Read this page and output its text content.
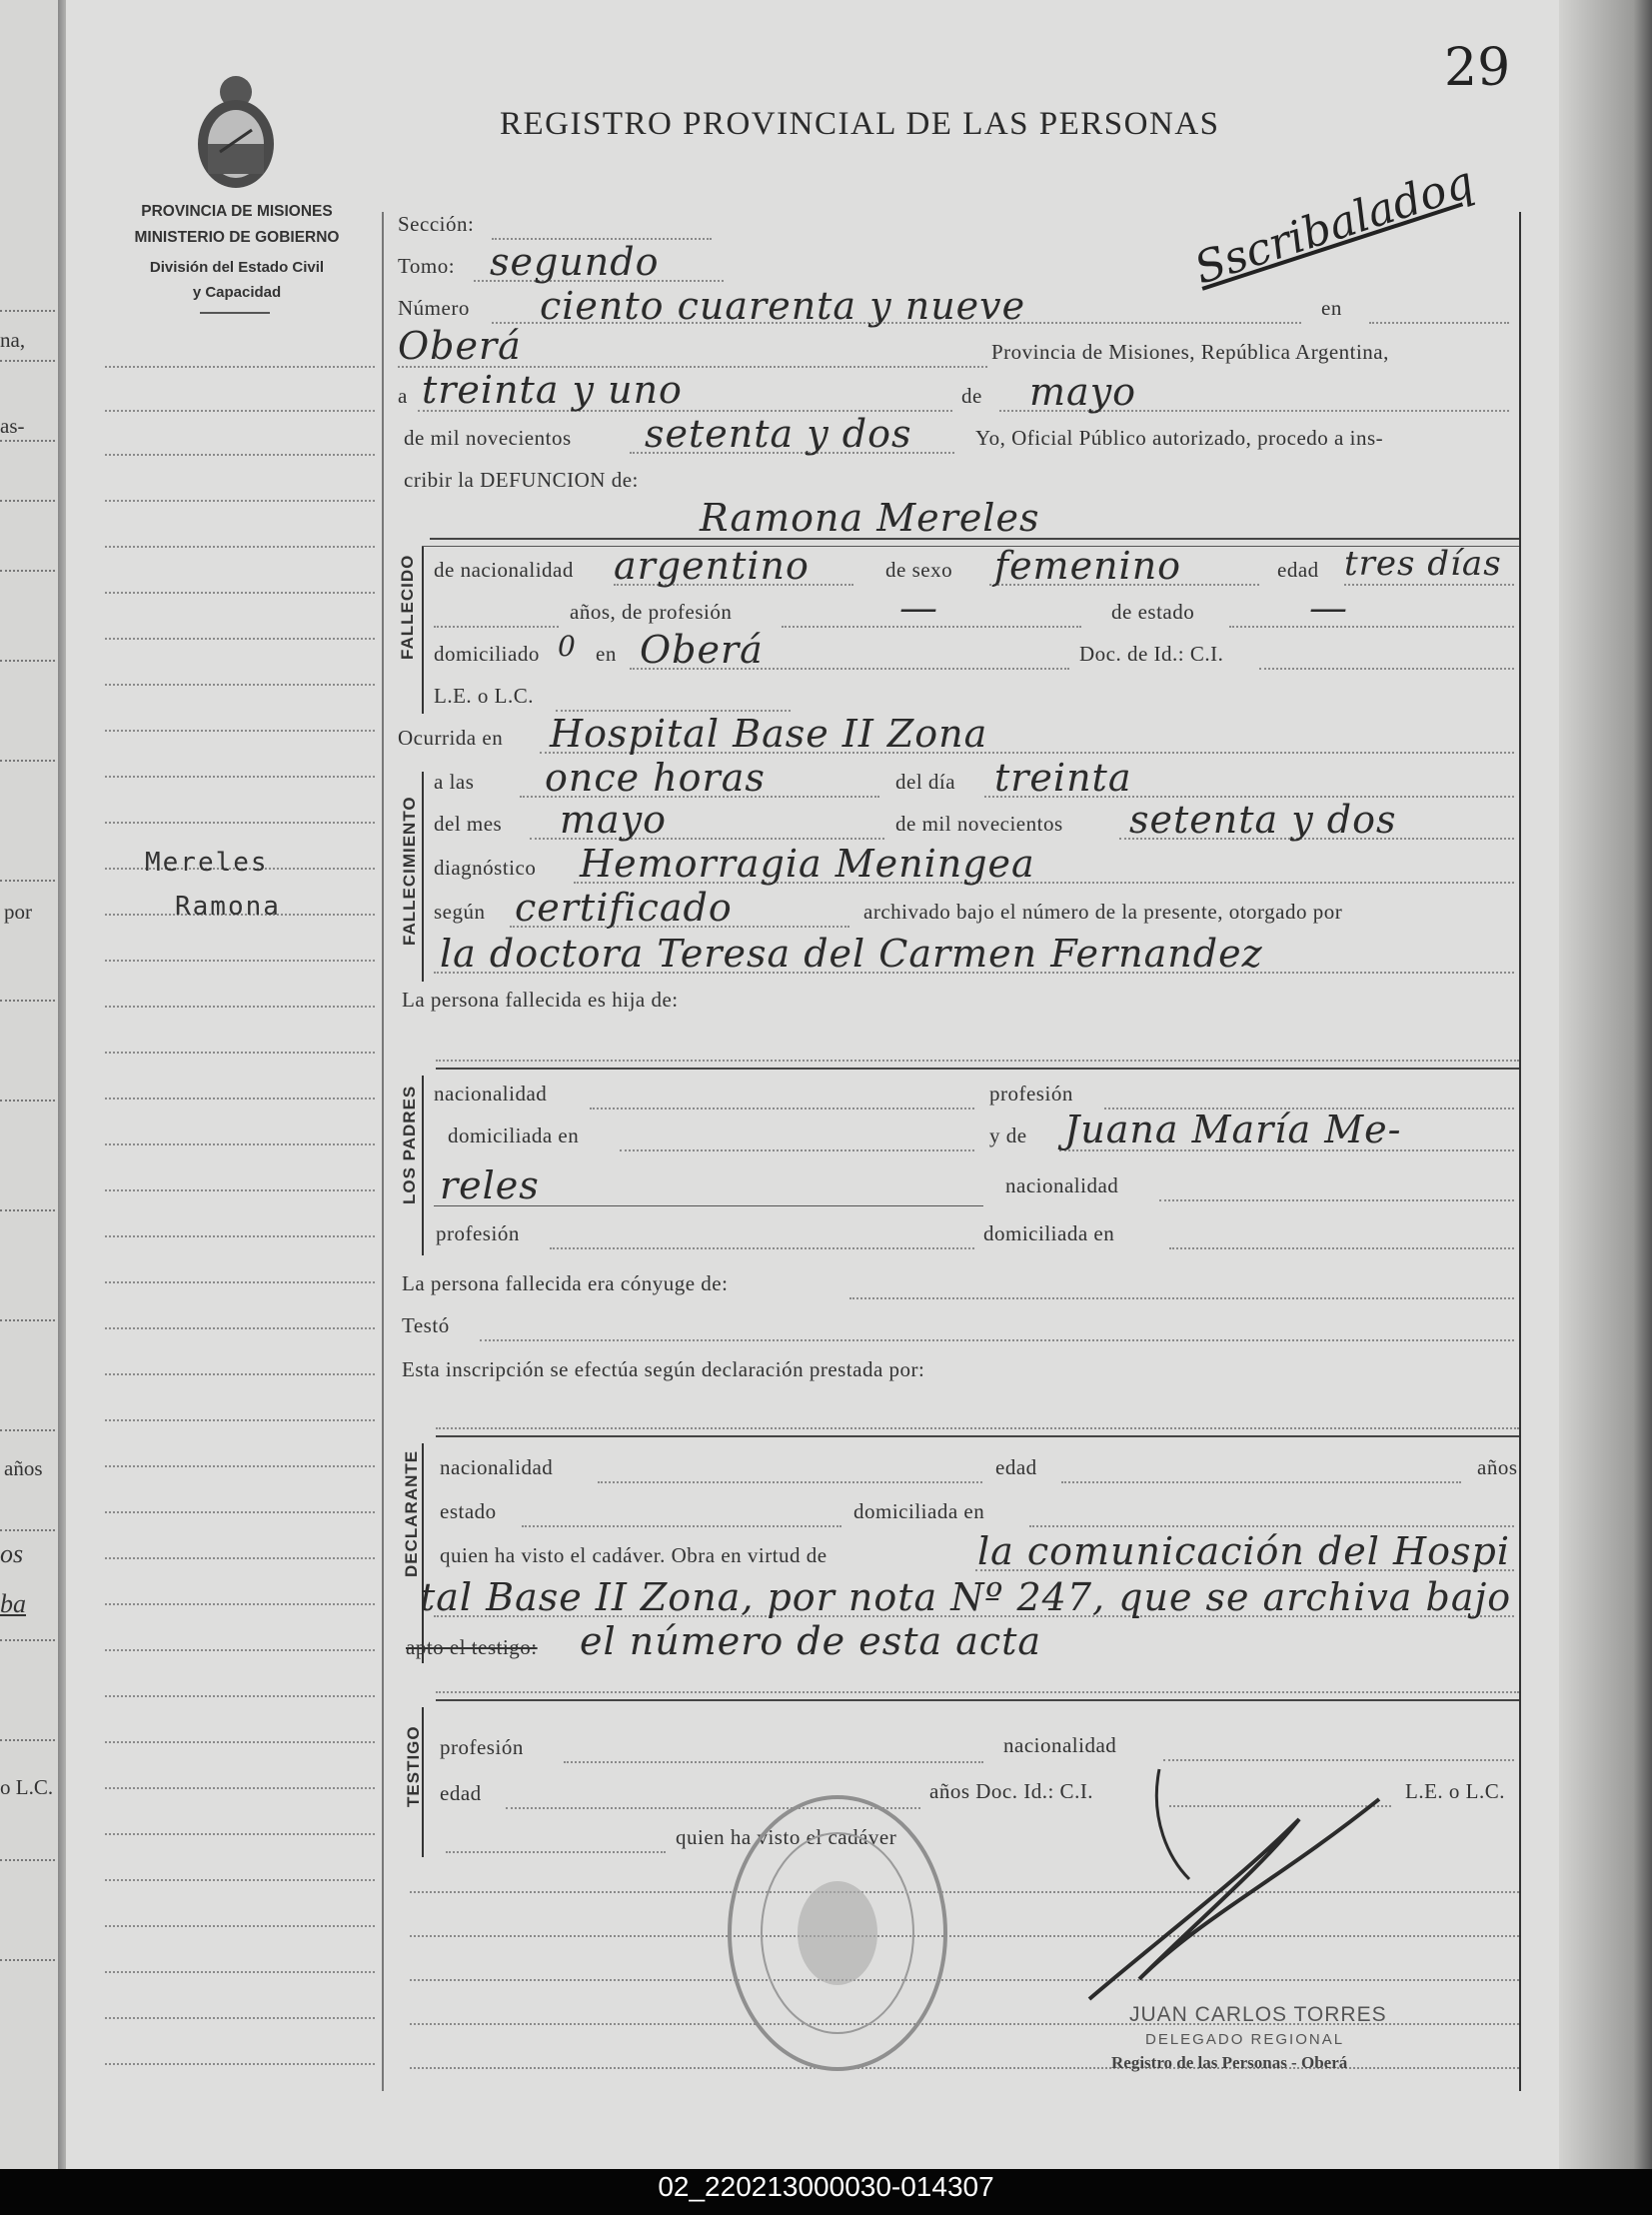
na,
as-
por
años
os
ba
o L.C.
29
PROVINCIA DE MISIONES
MINISTERIO DE GOBIERNO
División del Estado Civil
y Capacidad
REGISTRO PROVINCIAL DE LAS PERSONAS
Sscribaladoq
Mereles
Ramona
Sección:
Tomo: segundo
Número ciento cuarenta y nueve	en
Oberá	Provincia de Misiones, República Argentina,
a treinta y uno	de mayo
de mil novecientos setenta y dos	Yo, Oficial Público autorizado, procedo a ins-
cribir la DEFUNCION de:
Ramona Mereles
FALLECIDO de nacionalidad argentino	de sexo femenino	edad tres días
años, de profesión	—	de estado	—
domiciliado 0 en Oberá	Doc. de Id.: C.I.
L.E. o L.C.
Ocurrida en Hospital Base II Zona
FALLECIMIENTO
a las once horas	del día treinta
del mes mayo	de mil novecientos setenta y dos
diagnóstico Hemorragia Meningea
según certificado	archivado bajo el número de la presente, otorgado por
la doctora Teresa del Carmen Fernandez
La persona fallecida es hija de:
LOS PADRES nacionalidad	profesión
domiciliada en	y de Juana María Me-
reles	nacionalidad
profesión	domiciliada en
La persona fallecida era cónyuge de:
Testó
Esta inscripción se efectúa según declaración prestada por:
DECLARANTE nacionalidad	edad	años
estado	domiciliada en
quien ha visto el cadáver. Obra en virtud de	la comunicación del Hospi
tal Base II Zona, por nota Nº 247, que se archiva bajo
apto el testigo: el número de esta acta
TESTIGO profesión	nacionalidad
edad	años Doc. Id.: C.I.	L.E. o L.C.
quien ha visto el cadáver
JUAN CARLOS TORRES
DELEGADO REGIONAL
Registro de las Personas - Oberá
02_220213000030-014307
